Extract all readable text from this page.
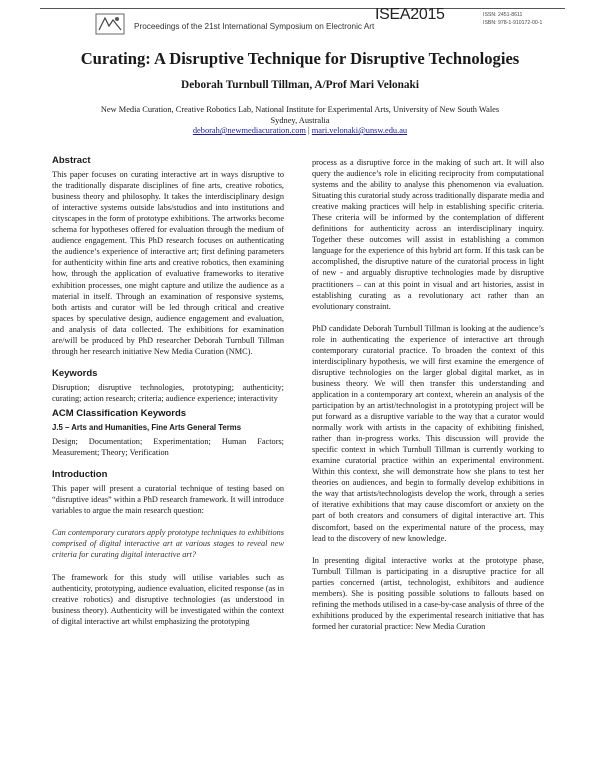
ISEA2015
Proceedings of the 21st International Symposium on Electronic Art
ISSN: 2451-8611
ISBN: 978-1-910172-00-1
Curating: A Disruptive Technique for Disruptive Technologies
Deborah Turnbull Tillman, A/Prof Mari Velonaki
New Media Curation, Creative Robotics Lab, National Institute for Experimental Arts, University of New South Wales
Sydney, Australia
deborah@newmediacuration.com | mari.velonaki@unsw.edu.au
Abstract

This paper focuses on curating interactive art in ways disruptive to the traditionally disparate disciplines of fine arts, creative robotics, business theory and philosophy. It takes the interdisciplinary design of interactive systems outside labs/studios and into institutions and cityscapes in the form of prototype exhibitions. The artworks become schema for hypotheses offered for evaluation through the medium of audience engagement. This PhD research focuses on authenticating the audience’s experience of interactive art; first defining parameters for authenticity within fine arts and creative robotics, then examining how, through the application of evaluative frameworks to iterative exhibition processes, one might capture and utilize the audience as a material in itself. Through an examination of responsive systems, both artists and curator will be led through critical and creative spaces by speculative design, audience engagement and evaluation, and analysis of data collected. The exhibitions for examination are/will be produced by PhD researcher Deborah Turnbull Tillman through her research initiative New Media Curation (NMC).

Keywords

Disruption; disruptive technologies, prototyping; authenticity; curating; action research; criteria; audience experience; interactivity

ACM Classification Keywords
J.5 – Arts and Humanities, Fine Arts General Terms

Design; Documentation; Experimentation; Human Factors; Measurement; Theory; Verification

Introduction

This paper will present a curatorial technique of testing based on “disruptive ideas” within a PhD research framework. It will introduce variables to argue the main research question:

Can contemporary curators apply prototype techniques to exhibitions comprised of digital interactive art at various stages to reveal new criteria for curating digital interactive art?

The framework for this study will utilise variables such as authenticity, prototyping, audience evaluation, elicited response (as in creative robotics) and disruptive technologies (as understood in business theory). Authenticity will be investigated within the context of digital interactive art whilst emphasizing the prototyping

process as a disruptive force in the making of such art. It will also query the audience’s role in eliciting reciprocity from computational systems and the ability to analyse this phenomenon via evaluation. Situating this curatorial study across traditionally disparate media and creative making practices will help in establishing specific criteria. These criteria will be informed by the contemplation of different definitions for authenticity across an interdisciplinary inquiry. Together these outcomes will assist in establishing a common language for the experience of this hybrid art form. If this task can be accomplished, the disruptive nature of the curatorial process in light of new - and arguably disruptive technologies made by disruptive practitioners – can at this point in visual and art histories, assist in establishing curating as a revolutionary act rather than an evolutionary constraint.

PhD candidate Deborah Turnbull Tillman is looking at the audience’s role in authenticating the experience of interactive art through contemporary curatorial practice. To broaden the context of this interdisciplinary hypothesis, we will first examine the emergence of disruptive technologies on the larger global digital market, as in business theory. We will then transfer this understanding and application in a contemporary art context, wherein an analysis of the participation by an artist/technologist in a prototyping project will be put forward as a disruptive variable to the way that a curator would normally work with artists in the capacity of exhibiting finished, rather than in-progress works. This discussion will provide the specific context in which Turnbull Tillman is currently working to examine curatorial practice within an experimental environment. Within this context, she will demonstrate how she plans to test her theories on audiences, and begin to formally develop exhibitions in the way that artists/technologists develop the work, through a series of iterative exhibitions that may cause discomfort or anxiety on the part of both creators and consumers of digital interactive art. This discomfort, based on the experimental nature of the process, may lead to the discovery of new knowledge.

In presenting digital interactive works at the prototype phase, Turnbull Tillman is participating in a disruptive practice for all parties concerned (artist, technologist, exhibitors and audience members). She is positing possible solutions to fallouts based on refining the methods utilised in a case-by-case analysis of three of the exhibitions produced by the experimental research initiative that has formed her curatorial practice: New Media Curation
